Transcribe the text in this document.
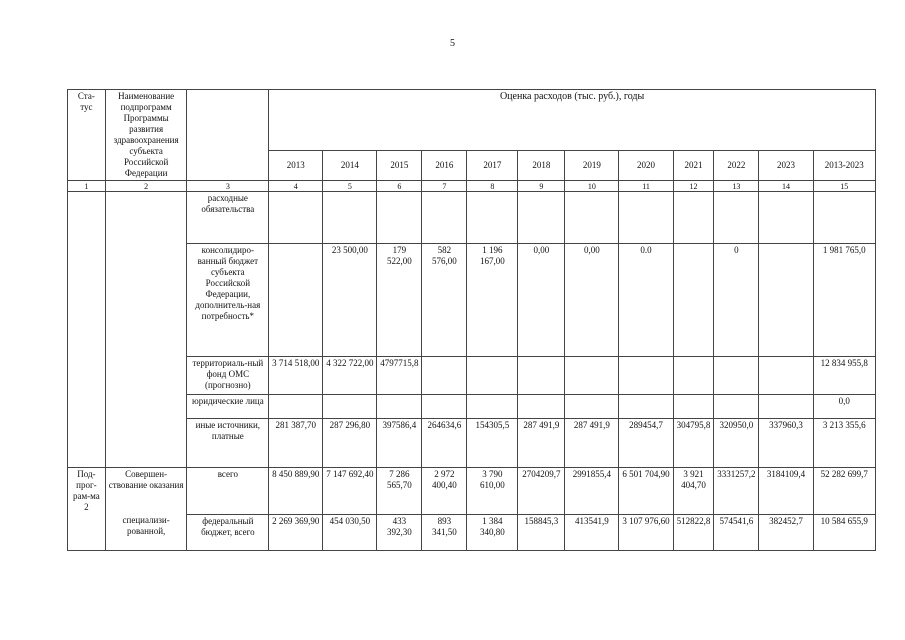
5
Ста-
тус	Наименование подпрограмм Программы развития здравоохранения субъекта Российской Федерации		Оценка расходов (тыс. руб.), годы											
			2013	2014	2015	2016	2017	2018	2019	2020	2021	2022	2023	2013-2023
1	2	3	4	5	6	7	8	9	10	11	12	13	14	15
		расходные обязательства												
		консолидиро-ванный бюджет субъекта Российской Федерации, дополнитель-ная потребность*		23 500,00	179 522,00	582 576,00	1 196 167,00	0,00	0,00	0.0		0		1 981 765,0
		территориаль-ный фонд ОМС (прогнозно)	3 714 518,00	4 322 722,00	4797715,8									12 834 955,8
		юридические лица												0,0
		иные источники, платные	281 387,70	287 296,80	397586,4	264634,6	154305,5	287 491,9	287 491,9	289454,7	304795,8	320950,0	337960,3	3 213 355,6
Под-прог-рам-ма 2	Совершен-ствование оказания	всего	8 450 889,90	7 147 692,40	7 286 565,70	2 972 400,40	3 790 610,00	2704209,7	2991855,4	6 501 704,90	3 921 404,70	3331257,2	3184109,4	52 282 699,7
	специализи-рованной,	федеральный бюджет, всего	2 269 369,90	454 030,50	433 392,30	893 341,50	1 384 340,80	158845,3	413541,9	3 107 976,60	512822,8	574541,6	382452,7	10 584 655,9
